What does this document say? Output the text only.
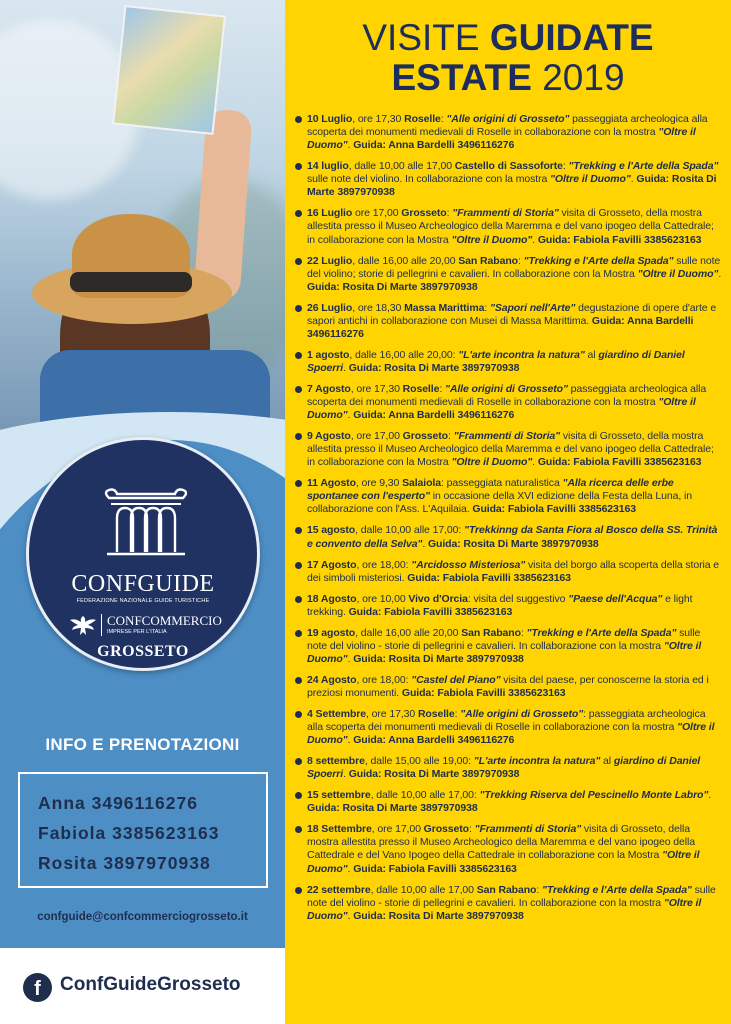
CONFGUIDE
FEDERAZIONE NAZIONALE GUIDE TURISTICHE
CONFCOMMERCIO
IMPRESE PER L'ITALIA
GROSSETO
INFO E PRENOTAZIONI
Anna 3496116276
Fabiola 3385623163
Rosita 3897970938
confguide@confcommerciogrosseto.it
f	ConfGuideGrosseto
VISITE GUIDATE
ESTATE 2019
10 Luglio, ore 17,30 Roselle: "Alle origini di Grosseto" passeggiata archeologica alla scoperta dei monumenti medievali di Roselle in collaborazione con la mostra "Oltre il Duomo". Guida: Anna Bardelli 3496116276
14 luglio, dalle 10,00 alle 17,00 Castello di Sassoforte: "Trekking e l'Arte della Spada" sulle note del violino. In collaborazione con la mostra "Oltre il Duomo". Guida: Rosita Di Marte 3897970938
16 Luglio ore 17,00 Grosseto: "Frammenti di Storia" visita di Grosseto, della mostra allestita presso il Museo Archeologico della Maremma e del vano ipogeo della Cattedrale; in collaborazione con la Mostra "Oltre il Duomo". Guida: Fabiola Favilli 3385623163
22 Luglio, dalle 16,00 alle 20,00 San Rabano: "Trekking e l'Arte della Spada" sulle note del violino; storie di pellegrini e cavalieri. In collaborazione con la Mostra "Oltre il Duomo". Guida: Rosita Di Marte 3897970938
26 Luglio, ore 18,30 Massa Marittima: "Sapori nell'Arte" degustazione di opere d'arte e sapori antichi in collaborazione con Musei di Massa Marittima. Guida: Anna Bardelli 3496116276
1 agosto, dalle 16,00 alle 20,00: "L'arte incontra la natura" al giardino di Daniel Spoerri. Guida: Rosita Di Marte 3897970938
7 Agosto, ore 17,30 Roselle: "Alle origini di Grosseto" passeggiata archeologica alla scoperta dei monumenti medievali di Roselle in collaborazione con la mostra "Oltre il Duomo". Guida: Anna Bardelli 3496116276
9 Agosto, ore 17,00 Grosseto: "Frammenti di Storia" visita di Grosseto, della mostra allestita presso il Museo Archeologico della Maremma e del vano ipogeo della Cattedrale; in collaborazione con la Mostra "Oltre il Duomo". Guida: Fabiola Favilli 3385623163
11 Agosto, ore 9,30 Salaiola: passeggiata naturalistica "Alla ricerca delle erbe spontanee con l'esperto" in occasione della XVI edizione della Festa della Luna, in collaborazione con l'Ass. L'Aquilaia. Guida: Fabiola Favilli 3385623163
15 agosto, dalle 10,00 alle 17,00: "Trekkinng da Santa Fiora al Bosco della SS. Trinità e convento della Selva". Guida: Rosita Di Marte 3897970938
17 Agosto, ore 18,00: "Arcidosso Misteriosa" visita del borgo alla scoperta della storia e dei simboli misteriosi. Guida: Fabiola Favilli 3385623163
18 Agosto, ore 10,00 Vivo d'Orcia: visita del suggestivo "Paese dell'Acqua" e light trekking. Guida: Fabiola Favilli 3385623163
19 agosto, dalle 16,00 alle 20,00 San Rabano: "Trekking e l'Arte della Spada" sulle note del violino - storie di pellegrini e cavalieri. In collaborazione con la mostra "Oltre il Duomo". Guida: Rosita Di Marte 3897970938
24 Agosto, ore 18,00: "Castel del Piano" visita del paese, per conoscerne la storia ed i preziosi monumenti. Guida: Fabiola Favilli 3385623163
4 Settembre, ore 17,30 Roselle: "Alle origini di Grosseto": passeggiata archeologica alla scoperta dei monumenti medievali di Roselle in collaborazione con la mostra "Oltre il Duomo". Guida: Anna Bardelli 3496116276
8 settembre, dalle 15,00 alle 19,00: "L'arte incontra la natura" al giardino di Daniel Spoerri. Guida: Rosita Di Marte 3897970938
15 settembre, dalle 10,00 alle 17,00: "Trekking Riserva del Pescinello Monte Labro". Guida: Rosita Di Marte 3897970938
18 Settembre, ore 17,00 Grosseto: "Frammenti di Storia" visita di Grosseto, della mostra allestita presso il Museo Archeologico della Maremma e del vano ipogeo della Cattedrale e del Vano Ipogeo della Cattedrale in collaborazione con la Mostra "Oltre il Duomo". Guida: Fabiola Favilli 3385623163
22 settembre, dalle 10,00 alle 17,00 San Rabano: "Trekking e l'Arte della Spada" sulle note del violino - storie di pellegrini e cavalieri. In collaborazione con la mostra "Oltre il Duomo". Guida: Rosita Di Marte 3897970938
